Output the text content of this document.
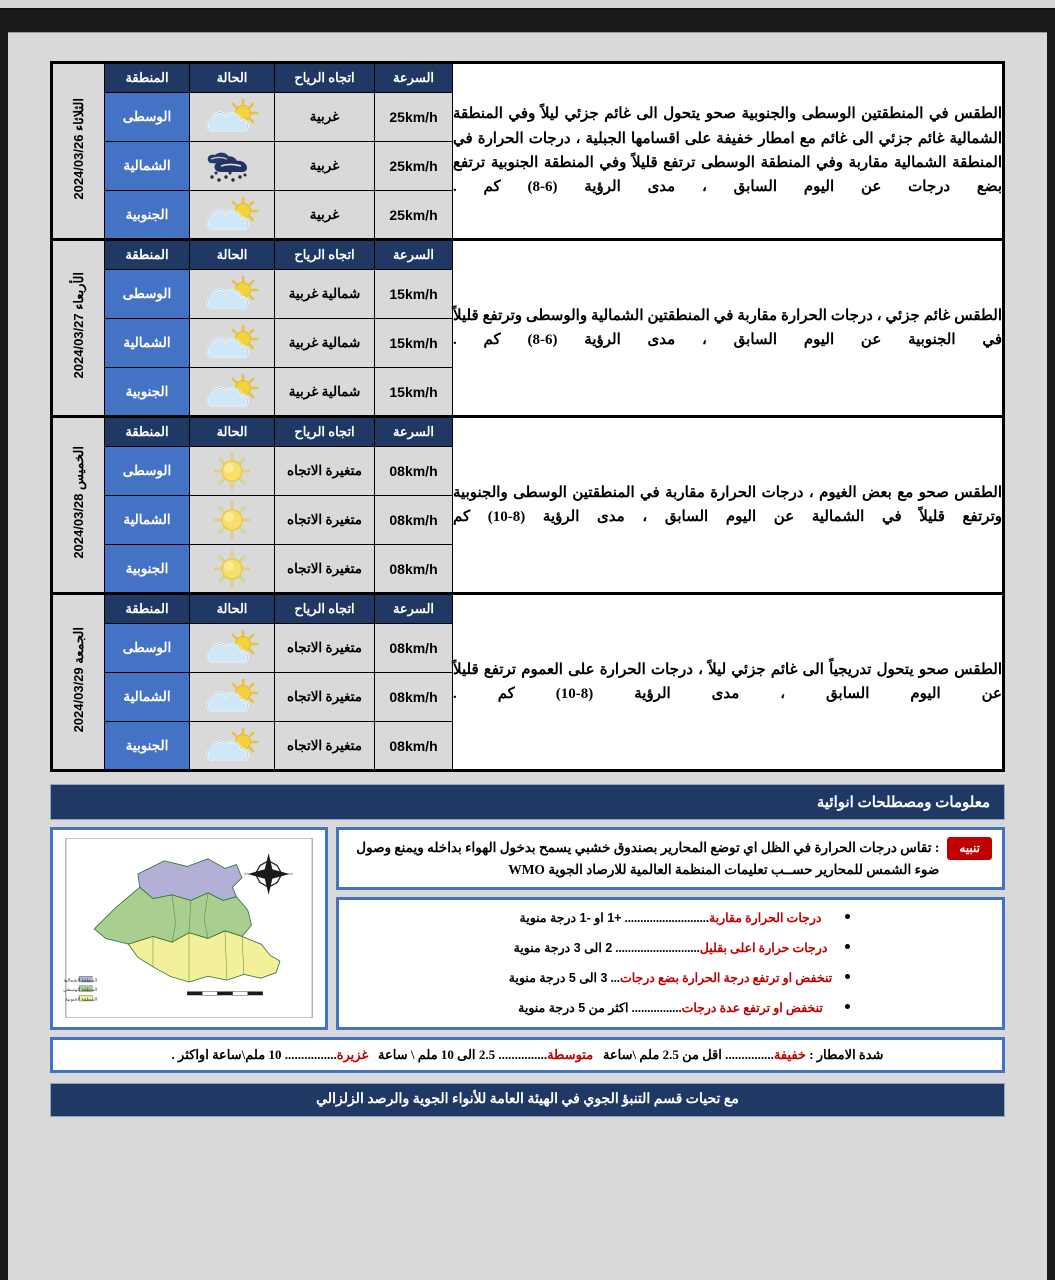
الطقس في المنطقتين الوسطى والجنوبية صحو يتحول الى غائم جزئي ليلاً وفي المنطقة الشمالية غائم جزئي الى غائم مع امطار خفيفة على اقسامها الجبلية ، درجات الحرارة في المنطقة الشمالية مقاربة وفي المنطقة الوسطى ترتفع قليلاً وفي المنطقة الجنوبية ترتفع بضع درجات عن اليوم السابق ، مدى الرؤية (6-8) كم .	السرعة	اتجاه الرياح	الحالة	المنطقة	الثلاثاء 2024/03/26
	25km/h	غربية		الوسطى	
	25km/h	غربية		الشمالية	
	25km/h	غربية		الجنوبية	
الطقس غائم جزئي ، درجات الحرارة مقاربة في المنطقتين الشمالية والوسطى وترتفع قليلاً في الجنوبية عن اليوم السابق ، مدى الرؤية (6-8) كم .	السرعة	اتجاه الرياح	الحالة	المنطقة	الأربعاء 2024/03/27
	15km/h	شمالية غربية		الوسطى	
	15km/h	شمالية غربية		الشمالية	
	15km/h	شمالية غربية		الجنوبية	
الطقس صحو مع بعض الغيوم ، درجات الحرارة مقاربة في المنطقتين الوسطى والجنوبية وترتفع قليلاً في الشمالية عن اليوم السابق ، مدى الرؤية (8-10) كم	السرعة	اتجاه الرياح	الحالة	المنطقة	الخميس 2024/03/28
	08km/h	متغيرة الاتجاه		الوسطى	
	08km/h	متغيرة الاتجاه		الشمالية	
	08km/h	متغيرة الاتجاه		الجنوبية	
الطقس صحو يتحول تدريجياً الى غائم جزئي ليلاً ، درجات الحرارة على العموم ترتفع قليلاً عن اليوم السابق ، مدى الرؤية (8-10) كم .	السرعة	اتجاه الرياح	الحالة	المنطقة	الجمعة 2024/03/29
	08km/h	متغيرة الاتجاه		الوسطى	
	08km/h	متغيرة الاتجاه		الشمالية	
	08km/h	متغيرة الاتجاه		الجنوبية	
معلومات ومصطلحات انوائية
تنبيه
: تقاس درجات الحرارة في الظل اي توضع المحارير بصندوق خشبي يسمح بدخول الهواء بداخله ويمنع وصول ضوء الشمس للمحارير حســب تعليمات المنظمة العالمية للارصاد الجوية WMO
درجات الحرارة مقاربة........................... +1 او -1 درجة منوية
درجات حرارة اعلى بقليل........................... 2 الى 3 درجة منوية
تنخفض او ترتفع درجة الحرارة بضع درجات... 3 الى 5 درجة منوية
تنخفض او ترتفع عدة درجات................ اكثر من 5 درجة منوية
المنطقة الشمالية
المنطقة الوسطى
المنطقة الجنوبية
شدة الامطار : خفيفة............... اقل من 2.5 ملم \ساعة   متوسطة............... 2.5 الى 10 ملم \ ساعة   غزيرة................ 10 ملم\ساعة اواكثر .
مع تحيات قسم التنبؤ الجوي في الهيئة العامة للأنواء الجوية والرصد الزلزالي
